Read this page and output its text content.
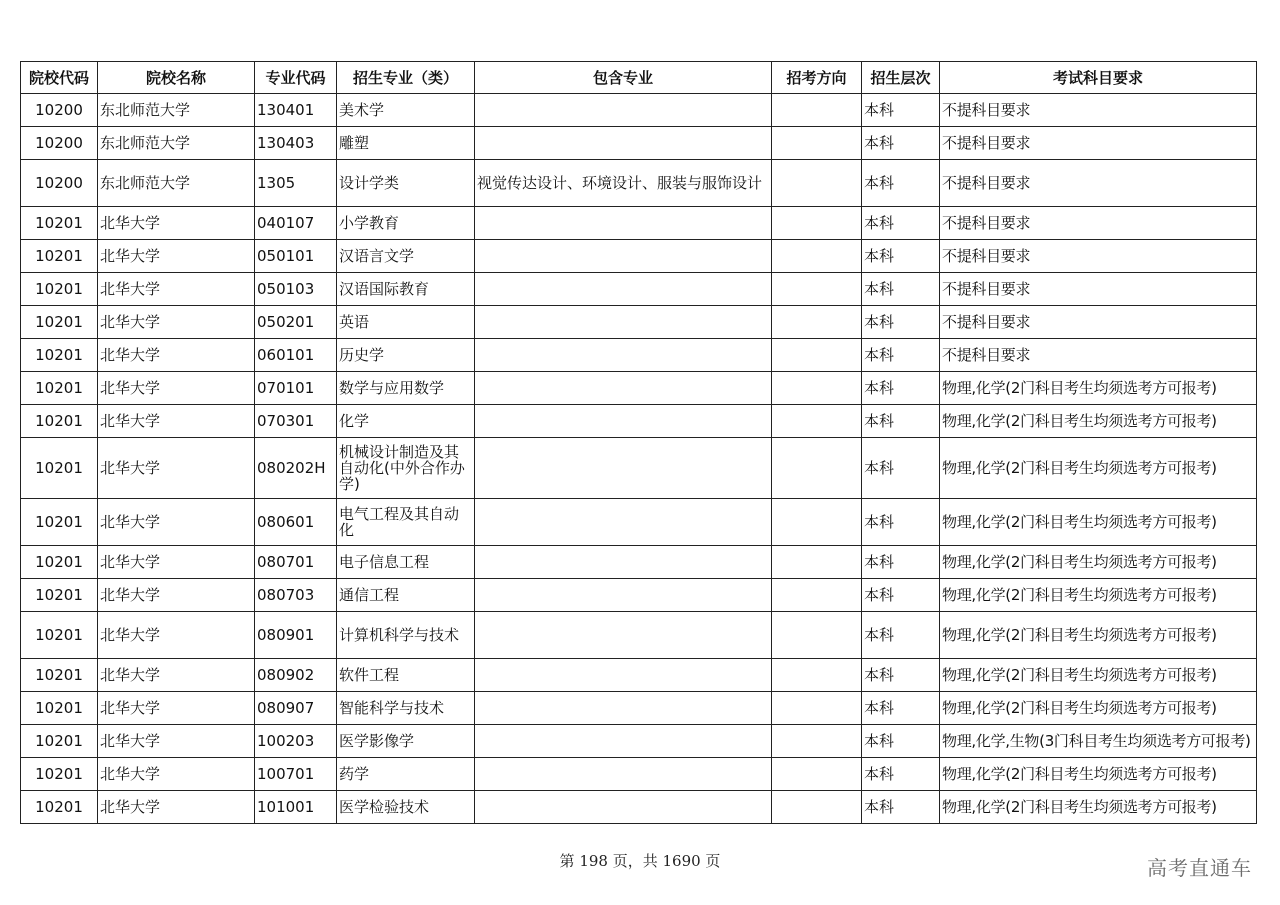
院校代码	院校名称	专业代码	招生专业（类）	包含专业	招考方向	招生层次	考试科目要求
10200	东北师范大学	130401	美术学			本科	不提科目要求
10200	东北师范大学	130403	雕塑			本科	不提科目要求
10200	东北师范大学	1305	设计学类	视觉传达设计、环境设计、服装与服饰设计		本科	不提科目要求
10201	北华大学	040107	小学教育			本科	不提科目要求
10201	北华大学	050101	汉语言文学			本科	不提科目要求
10201	北华大学	050103	汉语国际教育			本科	不提科目要求
10201	北华大学	050201	英语			本科	不提科目要求
10201	北华大学	060101	历史学			本科	不提科目要求
10201	北华大学	070101	数学与应用数学			本科	物理,化学(2门科目考生均须选考方可报考)
10201	北华大学	070301	化学			本科	物理,化学(2门科目考生均须选考方可报考)
10201	北华大学	080202H	机械设计制造及其自动化(中外合作办学)			本科	物理,化学(2门科目考生均须选考方可报考)
10201	北华大学	080601	电气工程及其自动化			本科	物理,化学(2门科目考生均须选考方可报考)
10201	北华大学	080701	电子信息工程			本科	物理,化学(2门科目考生均须选考方可报考)
10201	北华大学	080703	通信工程			本科	物理,化学(2门科目考生均须选考方可报考)
10201	北华大学	080901	计算机科学与技术			本科	物理,化学(2门科目考生均须选考方可报考)
10201	北华大学	080902	软件工程			本科	物理,化学(2门科目考生均须选考方可报考)
10201	北华大学	080907	智能科学与技术			本科	物理,化学(2门科目考生均须选考方可报考)
10201	北华大学	100203	医学影像学			本科	物理,化学,生物(3门科目考生均须选考方可报考)
10201	北华大学	100701	药学			本科	物理,化学(2门科目考生均须选考方可报考)
10201	北华大学	101001	医学检验技术			本科	物理,化学(2门科目考生均须选考方可报考)
第 198 页，共 1690 页	高考直通车
